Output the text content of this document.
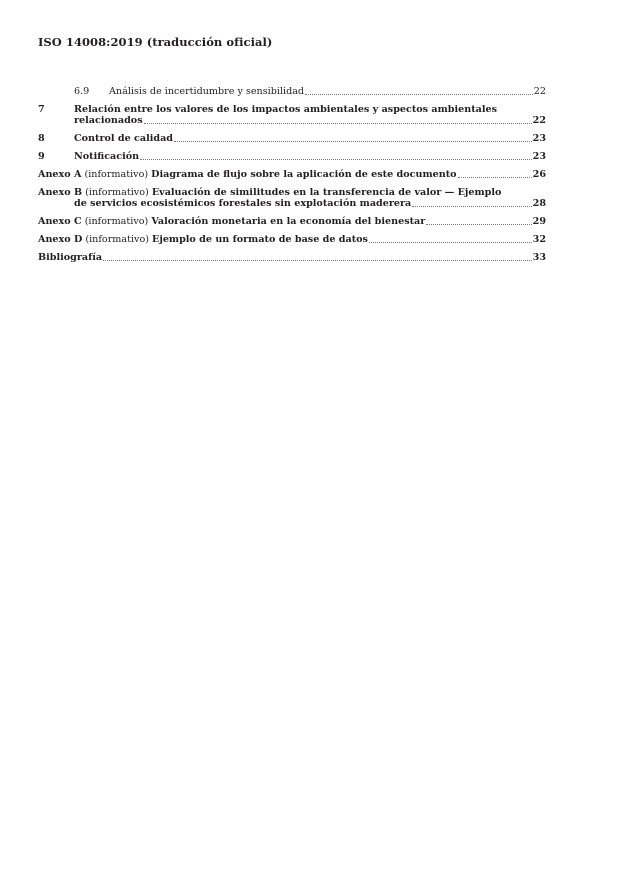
ISO 14008:2019 (traducción oficial)
6.9	Análisis de incertidumbre y sensibilidad	22
7	Relación entre los valores de los impactos ambientales y aspectos ambientales
relacionados	22
8	Control de calidad	23
9	Notificación	23
Anexo A (informativo) Diagrama de flujo sobre la aplicación de este documento	26
Anexo B (informativo) Evaluación de similitudes en la transferencia de valor — Ejemplo
de servicios ecosistémicos forestales sin explotación maderera	28
Anexo C (informativo) Valoración monetaria en la economía del bienestar	29
Anexo D (informativo) Ejemplo de un formato de base de datos	32
Bibliografía	33
